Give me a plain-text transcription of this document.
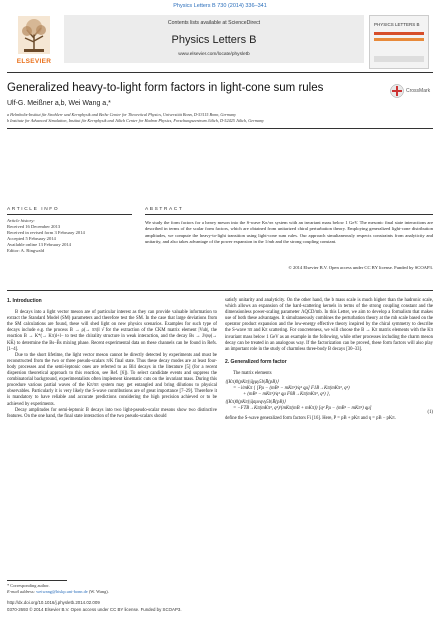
Physics Letters B 730 (2014) 336–341
ELSEVIER
Contents lists available at ScienceDirect
Physics Letters B
www.elsevier.com/locate/physletb
PHYSICS LETTERS B
Generalized heavy-to-light form factors in light-cone sum rules	CrossMark
Ulf-G. Meißner a,b, Wei Wang a,*
a Helmholtz-Institut für Strahlen- und Kernphysik and Bethe Center for Theoretical Physics, Universität Bonn, D-53115 Bonn, Germany
b Institute for Advanced Simulation, Institut für Kernphysik and Jülich Center for Hadron Physics, Forschungszentrum Jülich, D-52425 Jülich, Germany
ARTICLE INFO	ABSTRACT
Article history:
Received 16 December 2013
Received in revised form 3 February 2014
Accepted 5 February 2014
Available online 13 February 2014
Editor: A. Ringwald
We study the form factors for a heavy meson into the S-wave Kπ/ππ system with an invariant mass below 1 GeV. The mesonic final state interactions are described in terms of the scalar form factors, which are obtained from unitarized chiral perturbation theory. Employing generalized light-cone distribution amplitudes, we compute the heavy-to-light transition using light-cone sum rules. Our approach simultaneously respects constraints from analyticity and unitarity, and also takes advantage of the power expansion in the 1/mb and the strong coupling constant.
© 2014 Elsevier B.V. Open access under CC BY license. Funded by SCOAP3.
1. Introduction

B decays into a light vector meson are of particular interest as they can provide valuable information to extract the Standard Model (SM) parameters and therefore test the SM. In the case that large deviations from the SM calculations are found, these will shed light on new physics scenarios. Examples for such type of decays include e.g. the process B → ρ(→ ππ)l ν̄ for the extraction of the CKM matrix element |Vub|, the reaction B → K*(→ Kπ)l+l− to test the chirality structure in weak interaction, and the decay Bs → J/ψφ(→ KK̄) to determine the Bs–B̄s mixing phase. Recent experimental data on these channels can be found in Refs. [1–4].

Due to the short lifetime, the light vector meson cannot be directly detected by experiments and must be reconstructed from the two or three pseudo-scalars π/K final state. Thus these decay modes are at least four-body processes and the semi-leptonic ones are referred to as Bl4 decays in the literature [5] (for a recent dispersion theoretical approach to this reaction, see Ref. [6]). To select candidate events and suppress the combinatorial background, experimentalists often implement kinematic cuts on the invariant mass. During this procedure various partial waves of the Kπ/ππ system may get entangled and bring dilutions to physical observables. Particularly it is very likely the S-wave contributions are of great importance [7–29]. Therefore it is mandatory to have reliable and accurate predictions considering the high precision achieved or to be achieved by experiments.

Decay amplitudes for semi-leptonic B decays into two light-pseudo-scalar mesons show two distinctive features. On the one hand, the final state interaction of the two pseudo-scalars should

satisfy unitarity and analyticity. On the other hand, the b mass scale is much higher than the hadronic scale, which allows an expansion of the hard-scattering kernels in terms of the strong coupling constant and the dimensionless power-scaling parameter ΛQCD/mb. In this Letter, we aim to develop a formalism that makes use of both these advantages. It simultaneously combines the perturbation theory at the mb scale based on the operator product expansion and the low-energy effective theory inspired by the chiral symmetry to describe the S-wave ππ and Kπ scattering. For concreteness, we will choose the B → Kπ matrix elements with the Kπ invariant mass below 1 GeV as an example in the following, while other processes including the charm meson decay can be treated in an analogous way. If the factorization can be proved, these form factors will also play an important role in the study of charmless three-body B decays [30–33].

2. Generalized form factor

The matrix elements

⟨(Kπ)0(pKπ)|q̄γμγ5b|B̄(pB)⟩
= −i/mKπ { [Pμ − (mB² − mKπ²)/q² qμ] F1B→Kπ(mKπ², q²)
+ (mB² − mKπ²)/q² qμ F0B→Kπ(mKπ², q²) },
⟨(Kπ)0(pKπ)|q̄σμνqνγ5b|B̄(pB)⟩
= −FTB→Kπ(mKπ², q²)/(mKπ(mB + mKπ)) [q² Pμ − (mB² − mKπ²) qμ]
(1)

define the S-wave generalized form factors Fi [16]. Here, P = pB + pKπ and q = pB − pKπ.

* Corresponding author.
E-mail address: weiwang@hiskp.uni-bonn.de (W. Wang).
http://dx.doi.org/10.1016/j.physletb.2014.02.009
0370-2693 © 2014 Elsevier B.V. Open access under CC BY license. Funded by SCOAP3.
